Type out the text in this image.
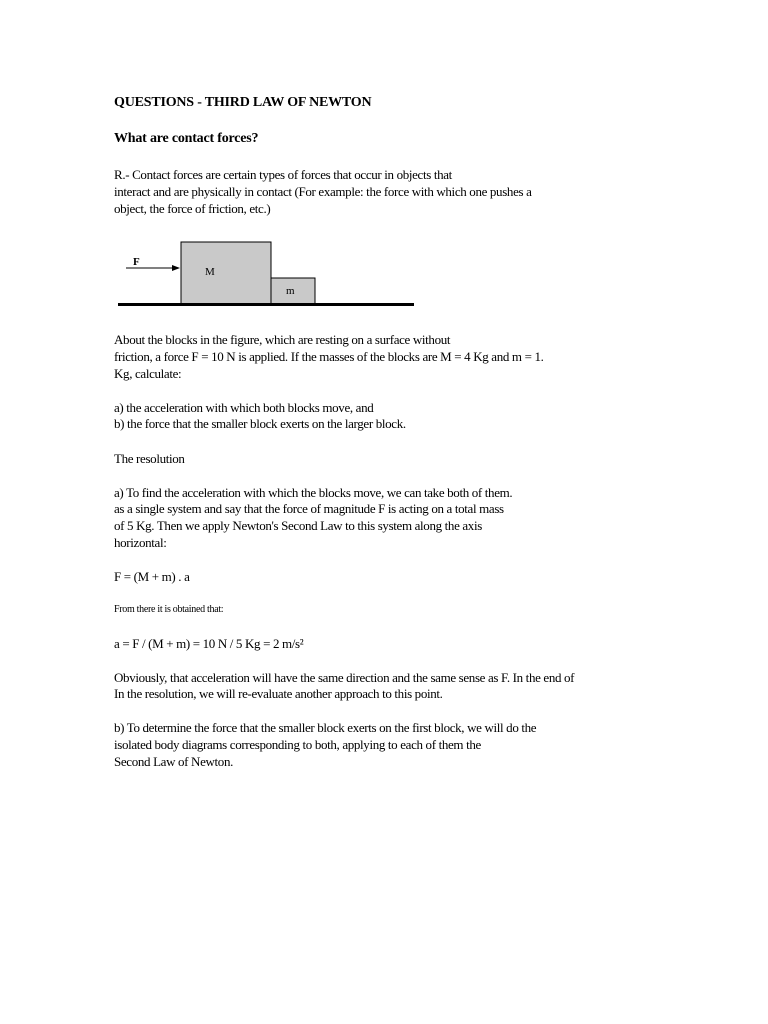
QUESTIONS - THIRD LAW OF NEWTON
What are contact forces?
R.- Contact forces are certain types of forces that occur in objects that
interact and are physically in contact (For example: the force with which one pushes a
object, the force of friction, etc.)
F
M
m
About the blocks in the figure, which are resting on a surface without
friction, a force F = 10 N is applied. If the masses of the blocks are M = 4 Kg and m = 1.
Kg, calculate:
a) the acceleration with which both blocks move, and
b) the force that the smaller block exerts on the larger block.
The resolution
a) To find the acceleration with which the blocks move, we can take both of them.
as a single system and say that the force of magnitude F is acting on a total mass
of 5 Kg. Then we apply Newton's Second Law to this system along the axis
horizontal:
F = (M + m) . a
From there it is obtained that:
a = F / (M + m) = 10 N / 5 Kg = 2 m/s²
Obviously, that acceleration will have the same direction and the same sense as F. In the end of
In the resolution, we will re-evaluate another approach to this point.
b) To determine the force that the smaller block exerts on the first block, we will do the
isolated body diagrams corresponding to both, applying to each of them the
Second Law of Newton.
